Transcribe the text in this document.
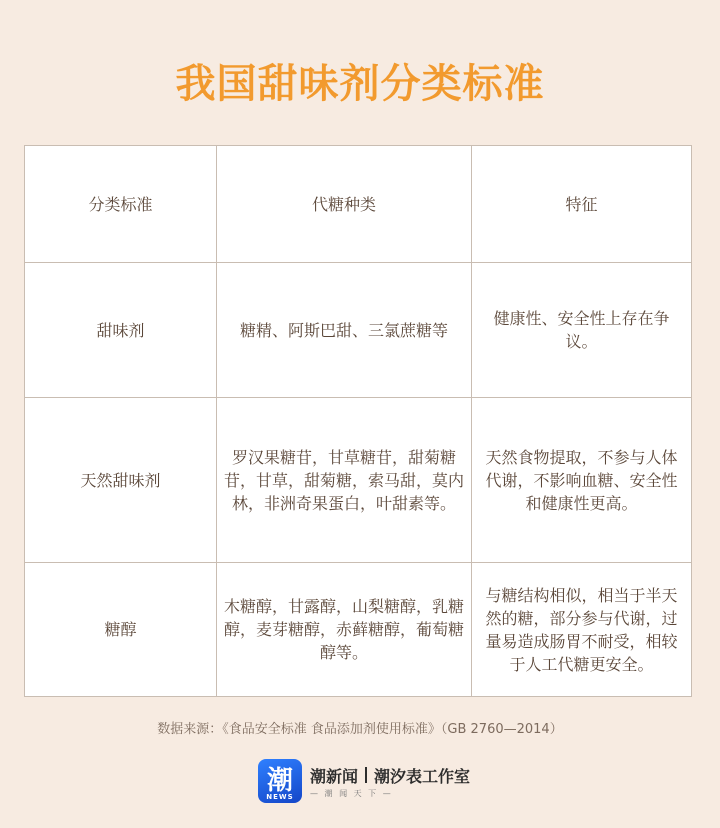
我国甜味剂分类标准
分类标准	代糖种类	特征
甜味剂	糖精、阿斯巴甜、三氯蔗糖等	健康性、安全性上存在争议。
天然甜味剂	罗汉果糖苷，甘草糖苷，甜菊糖苷，甘草，甜菊糖，索马甜，莫内林，非洲奇果蛋白，叶甜素等。	天然食物提取，不参与人体代谢，不影响血糖、安全性和健康性更高。
糖醇	木糖醇，甘露醇，山梨糖醇，乳糖醇，麦芽糖醇，赤藓糖醇，葡萄糖醇等。	与糖结构相似，相当于半天然的糖，部分参与代谢，过量易造成肠胃不耐受，相较于人工代糖更安全。
数据来源：《食品安全标准 食品添加剂使用标准》（GB 2760—2014）
潮
NEWS
潮新闻 潮汐表工作室
— 潮 闻 天 下 —
